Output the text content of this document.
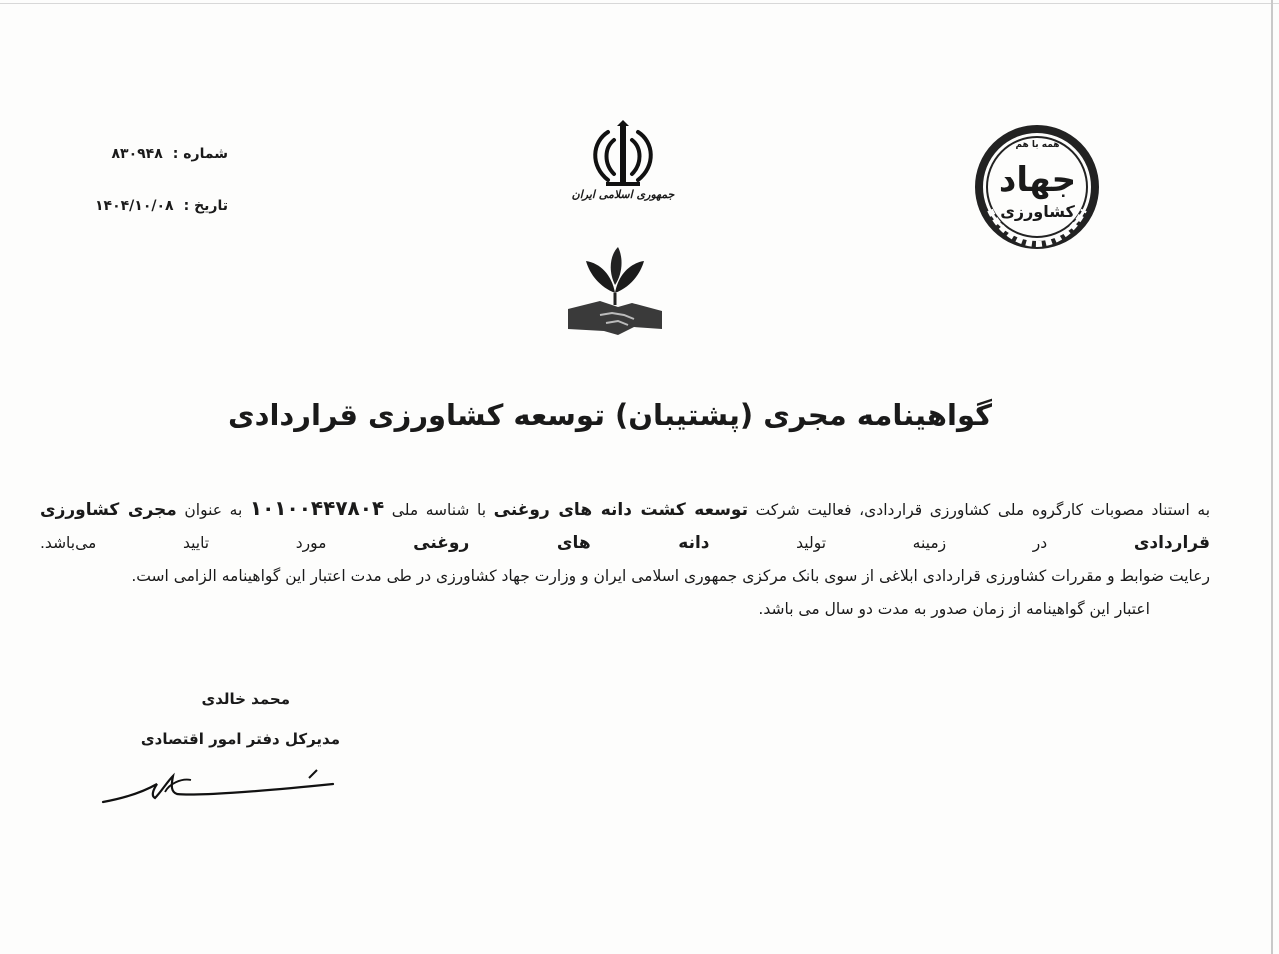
شماره :
۸۳۰۹۴۸
تاریخ :
۱۴۰۴/۱۰/۰۸
جمهوری اسلامی ایران
همه با هم
جهاد
کشاورزی
گواهینامه مجری (پشتیبان) توسعه کشاورزی قراردادی

به استناد مصوبات کارگروه ملی کشاورزی قراردادی، فعالیت شرکت توسعه کشت دانه های روغنی با شناسه ملی ۱۰۱۰۰۴۴۷۸۰۴ به عنوان مجری کشاورزی قراردادی در زمینه تولید دانه های روغنی مورد تایید می‌باشد.

رعایت ضوابط و مقررات کشاورزی قراردادی ابلاغی از سوی بانک مرکزی جمهوری اسلامی ایران و وزارت جهاد کشاورزی در طی مدت اعتبار این گواهینامه الزامی است.

اعتبار این گواهینامه از زمان صدور به مدت دو سال می باشد.

محمد خالدی
مدیرکل دفتر امور اقتصادی
